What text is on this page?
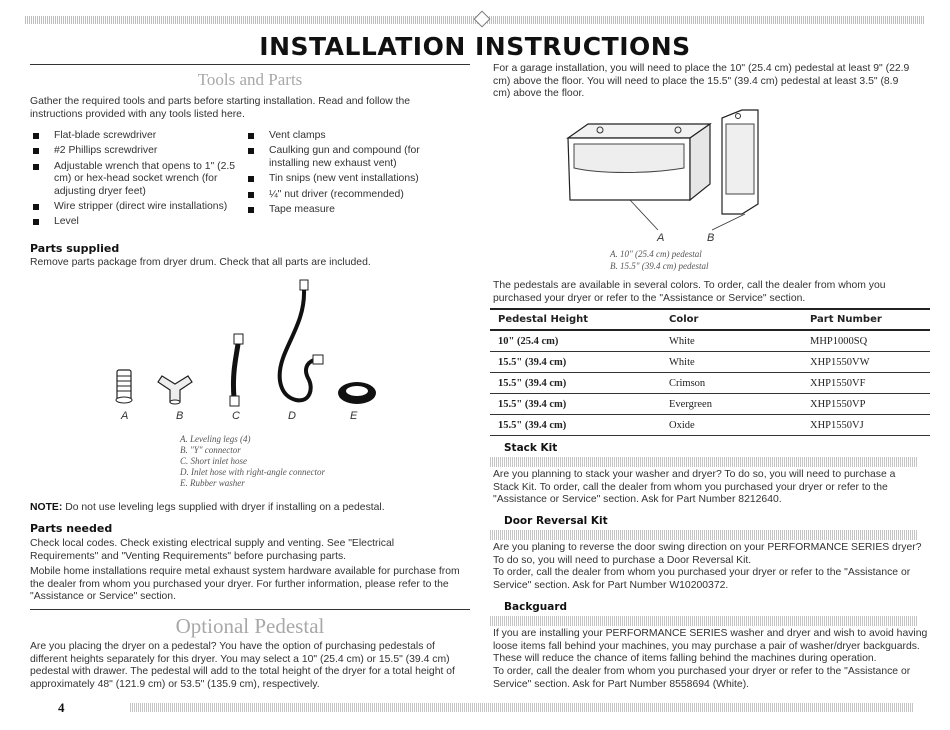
INSTALLATION INSTRUCTIONS
Tools and Parts
Gather the required tools and parts before starting installation. Read and follow the instructions provided with any tools listed here.
Flat-blade screwdriver
#2 Phillips screwdriver
Adjustable wrench that opens to 1" (2.5 cm) or hex-head socket wrench (for adjusting dryer feet)
Wire stripper (direct wire installations)
Level
Vent clamps
Caulking gun and compound (for installing new exhaust vent)
Tin snips (new vent installations)
¼" nut driver (recommended)
Tape measure
Parts supplied
Remove parts package from dryer drum. Check that all parts are included.
A	B	C	D	E
A. Leveling legs (4)
B. "Y" connector
C. Short inlet hose
D. Inlet hose with right-angle connector
E. Rubber washer
NOTE: Do not use leveling legs supplied with dryer if installing on a pedestal.
Parts needed
Check local codes. Check existing electrical supply and venting. See "Electrical Requirements" and "Venting Requirements" before purchasing parts.
Mobile home installations require metal exhaust system hardware available for purchase from the dealer from whom you purchased your dryer. For further information, please refer to the "Assistance or Service" section.
Optional Pedestal
Are you placing the dryer on a pedestal? You have the option of purchasing pedestals of different heights separately for this dryer. You may select a 10" (25.4 cm) or 15.5" (39.4 cm) pedestal with drawer. The pedestal will add to the total height of the dryer for a total height of approximately 48" (121.9 cm) or 53.5" (135.9 cm), respectively.
For a garage installation, you will need to place the 10" (25.4 cm) pedestal at least 9" (22.9 cm) above the floor. You will need to place the 15.5" (39.4 cm) pedestal at least 3.5" (8.9 cm) above the floor.
A	B
A. 10" (25.4 cm) pedestal
B. 15.5" (39.4 cm) pedestal
The pedestals are available in several colors. To order, call the dealer from whom you purchased your dryer or refer to the "Assistance or Service" section.
Pedestal Height	Color	Part Number
10" (25.4 cm)	White	MHP1000SQ
15.5" (39.4 cm)	White	XHP1550VW
15.5" (39.4 cm)	Crimson	XHP1550VF
15.5" (39.4 cm)	Evergreen	XHP1550VP
15.5" (39.4 cm)	Oxide	XHP1550VJ
Stack Kit
Are you planning to stack your washer and dryer? To do so, you will need to purchase a Stack Kit. To order, call the dealer from whom you purchased your dryer or refer to the "Assistance or Service" section. Ask for Part Number 8212640.
Door Reversal Kit
Are you planing to reverse the door swing direction on your PERFORMANCE SERIES dryer? To do so, you will need to purchase a Door Reversal Kit.
To order, call the dealer from whom you purchased your dryer or refer to the "Assistance or Service" section. Ask for Part Number W10200372.
Backguard
If you are installing your PERFORMANCE SERIES washer and dryer and wish to avoid having loose items fall behind your machines, you may purchase a pair of washer/dryer backguards. These will reduce the chance of items falling behind the machines during operation.
To order, call the dealer from whom you purchased your dryer or refer to the "Assistance or Service" section. Ask for Part Number 8558694 (White).
4
